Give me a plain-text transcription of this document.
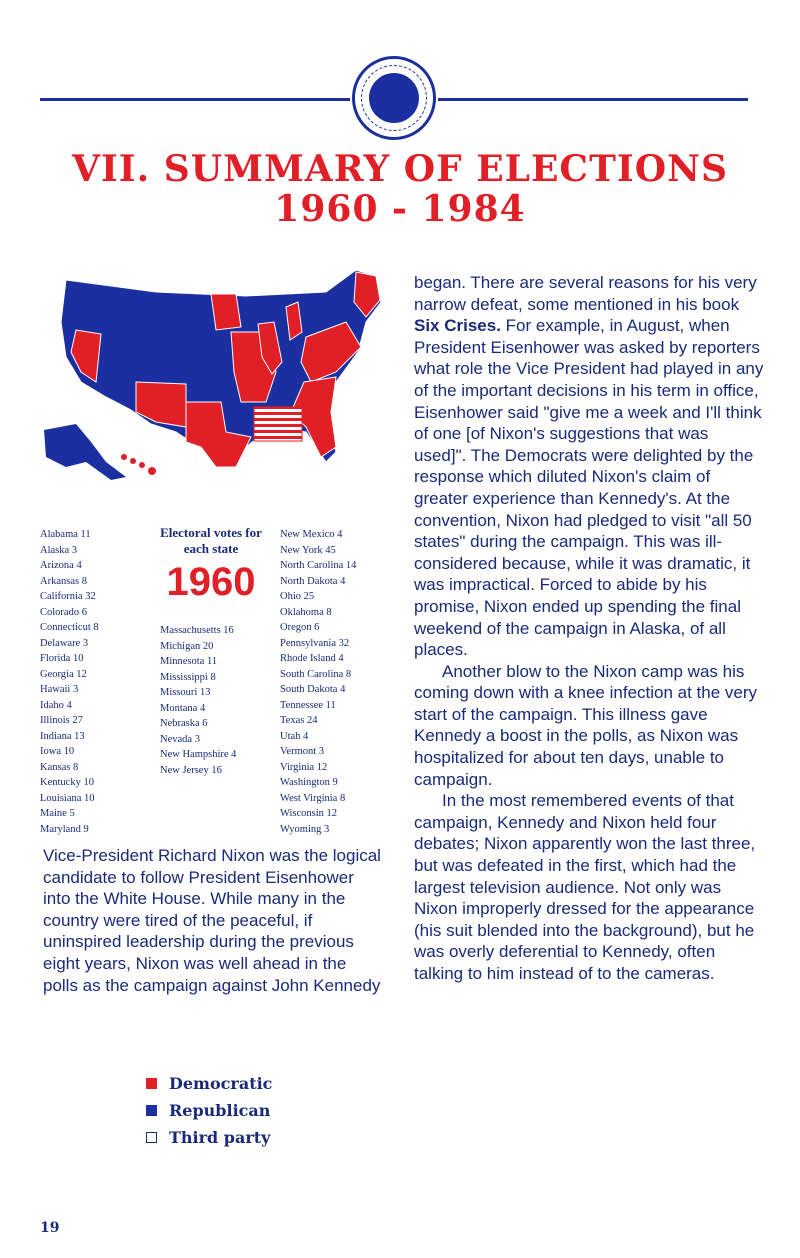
VII. SUMMARY OF ELECTIONS
1960 - 1984
Alabama 11
Alaska 3
Arizona 4
Arkansas 8
California 32
Colorado 6
Connecticut 8
Delaware 3
Florida 10
Georgia 12
Hawaii 3
Idaho 4
Illinois 27
Indiana 13
Iowa 10
Kansas 8
Kentucky 10
Louisiana 10
Maine 5
Maryland 9
Electoral votes for each state
1960
Massachusetts 16
Michigan 20
Minnesota 11
Mississippi 8
Missouri 13
Montana 4
Nebraska 6
Nevada 3
New Hampshire 4
New Jersey 16
New Mexico 4
New York 45
North Carolina 14
North Dakota 4
Ohio 25
Oklahoma 8
Oregon 6
Pennsylvania 32
Rhode Island 4
South Carolina 8
South Dakota 4
Tennessee 11
Texas 24
Utah 4
Vermont 3
Virginia 12
Washington 9
West Virginia 8
Wisconsin 12
Wyoming 3

Vice-President Richard Nixon was the logical candidate to follow President Eisenhower into the White House. While many in the country were tired of the peaceful, if uninspired leadership during the previous eight years, Nixon was well ahead in the polls as the campaign against John Kennedy

Democratic
Republican
Third party

began. There are several reasons for his very narrow defeat, some mentioned in his book Six Crises. For example, in August, when President Eisenhower was asked by reporters what role the Vice President had played in any of the important decisions in his term in office, Eisenhower said "give me a week and I'll think of one [of Nixon's suggestions that was used]". The Democrats were delighted by the response which diluted Nixon's claim of greater experience than Kennedy's. At the convention, Nixon had pledged to visit "all 50 states" during the campaign. This was ill-considered because, while it was dramatic, it was impractical. Forced to abide by his promise, Nixon ended up spending the final weekend of the campaign in Alaska, of all places.

Another blow to the Nixon camp was his coming down with a knee infection at the very start of the campaign. This illness gave Kennedy a boost in the polls, as Nixon was hospitalized for about ten days, unable to campaign.

In the most remembered events of that campaign, Kennedy and Nixon held four debates; Nixon apparently won the last three, but was defeated in the first, which had the largest television audience. Not only was Nixon improperly dressed for the appearance (his suit blended into the background), but he was overly deferential to Kennedy, often talking to him instead of to the cameras.

19
